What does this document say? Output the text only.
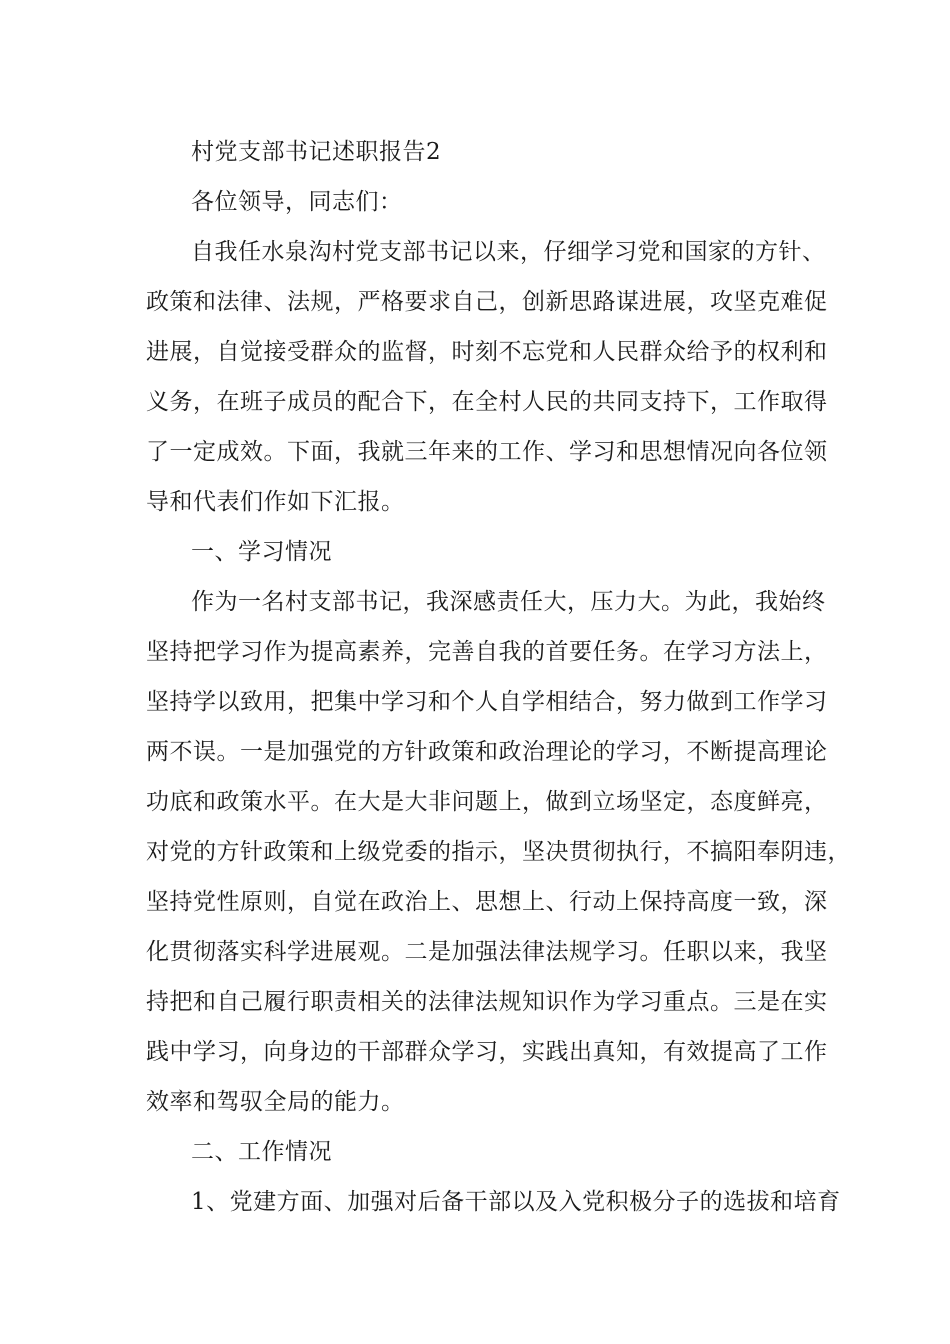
村党支部书记述职报告2
各位领导，同志们：
自我任水泉沟村党支部书记以来，仔细学习党和国家的方针、
政策和法律、法规，严格要求自己，创新思路谋进展，攻坚克难促
进展，自觉接受群众的监督，时刻不忘党和人民群众给予的权利和
义务，在班子成员的配合下，在全村人民的共同支持下，工作取得
了一定成效。下面，我就三年来的工作、学习和思想情况向各位领
导和代表们作如下汇报。
一、学习情况
作为一名村支部书记，我深感责任大，压力大。为此，我始终
坚持把学习作为提高素养，完善自我的首要任务。在学习方法上，
坚持学以致用，把集中学习和个人自学相结合，努力做到工作学习
两不误。一是加强党的方针政策和政治理论的学习，不断提高理论
功底和政策水平。在大是大非问题上，做到立场坚定，态度鲜亮，
对党的方针政策和上级党委的指示，坚决贯彻执行，不搞阳奉阴违，
坚持党性原则，自觉在政治上、思想上、行动上保持高度一致，深
化贯彻落实科学进展观。二是加强法律法规学习。任职以来，我坚
持把和自己履行职责相关的法律法规知识作为学习重点。三是在实
践中学习，向身边的干部群众学习，实践出真知，有效提高了工作
效率和驾驭全局的能力。
二、工作情况
1、党建方面、加强对后备干部以及入党积极分子的选拔和培育
